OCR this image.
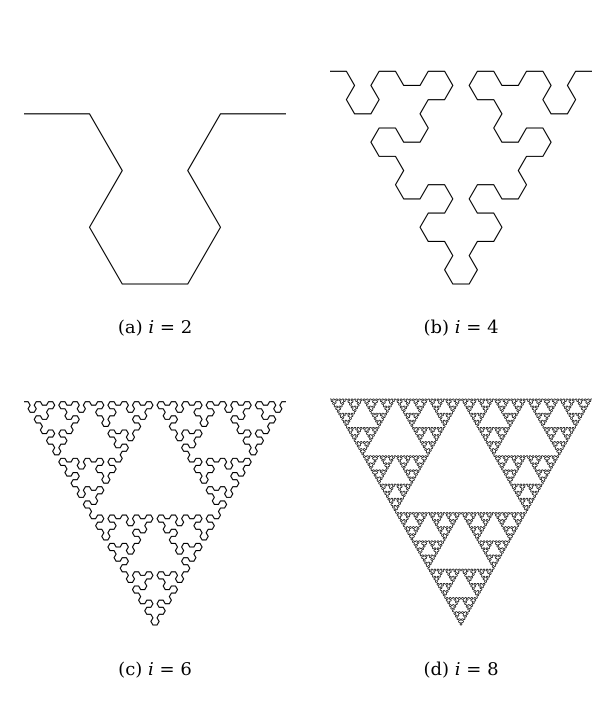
(a) i = 2	(b) i = 4
(c) i = 6	(d) i = 8
